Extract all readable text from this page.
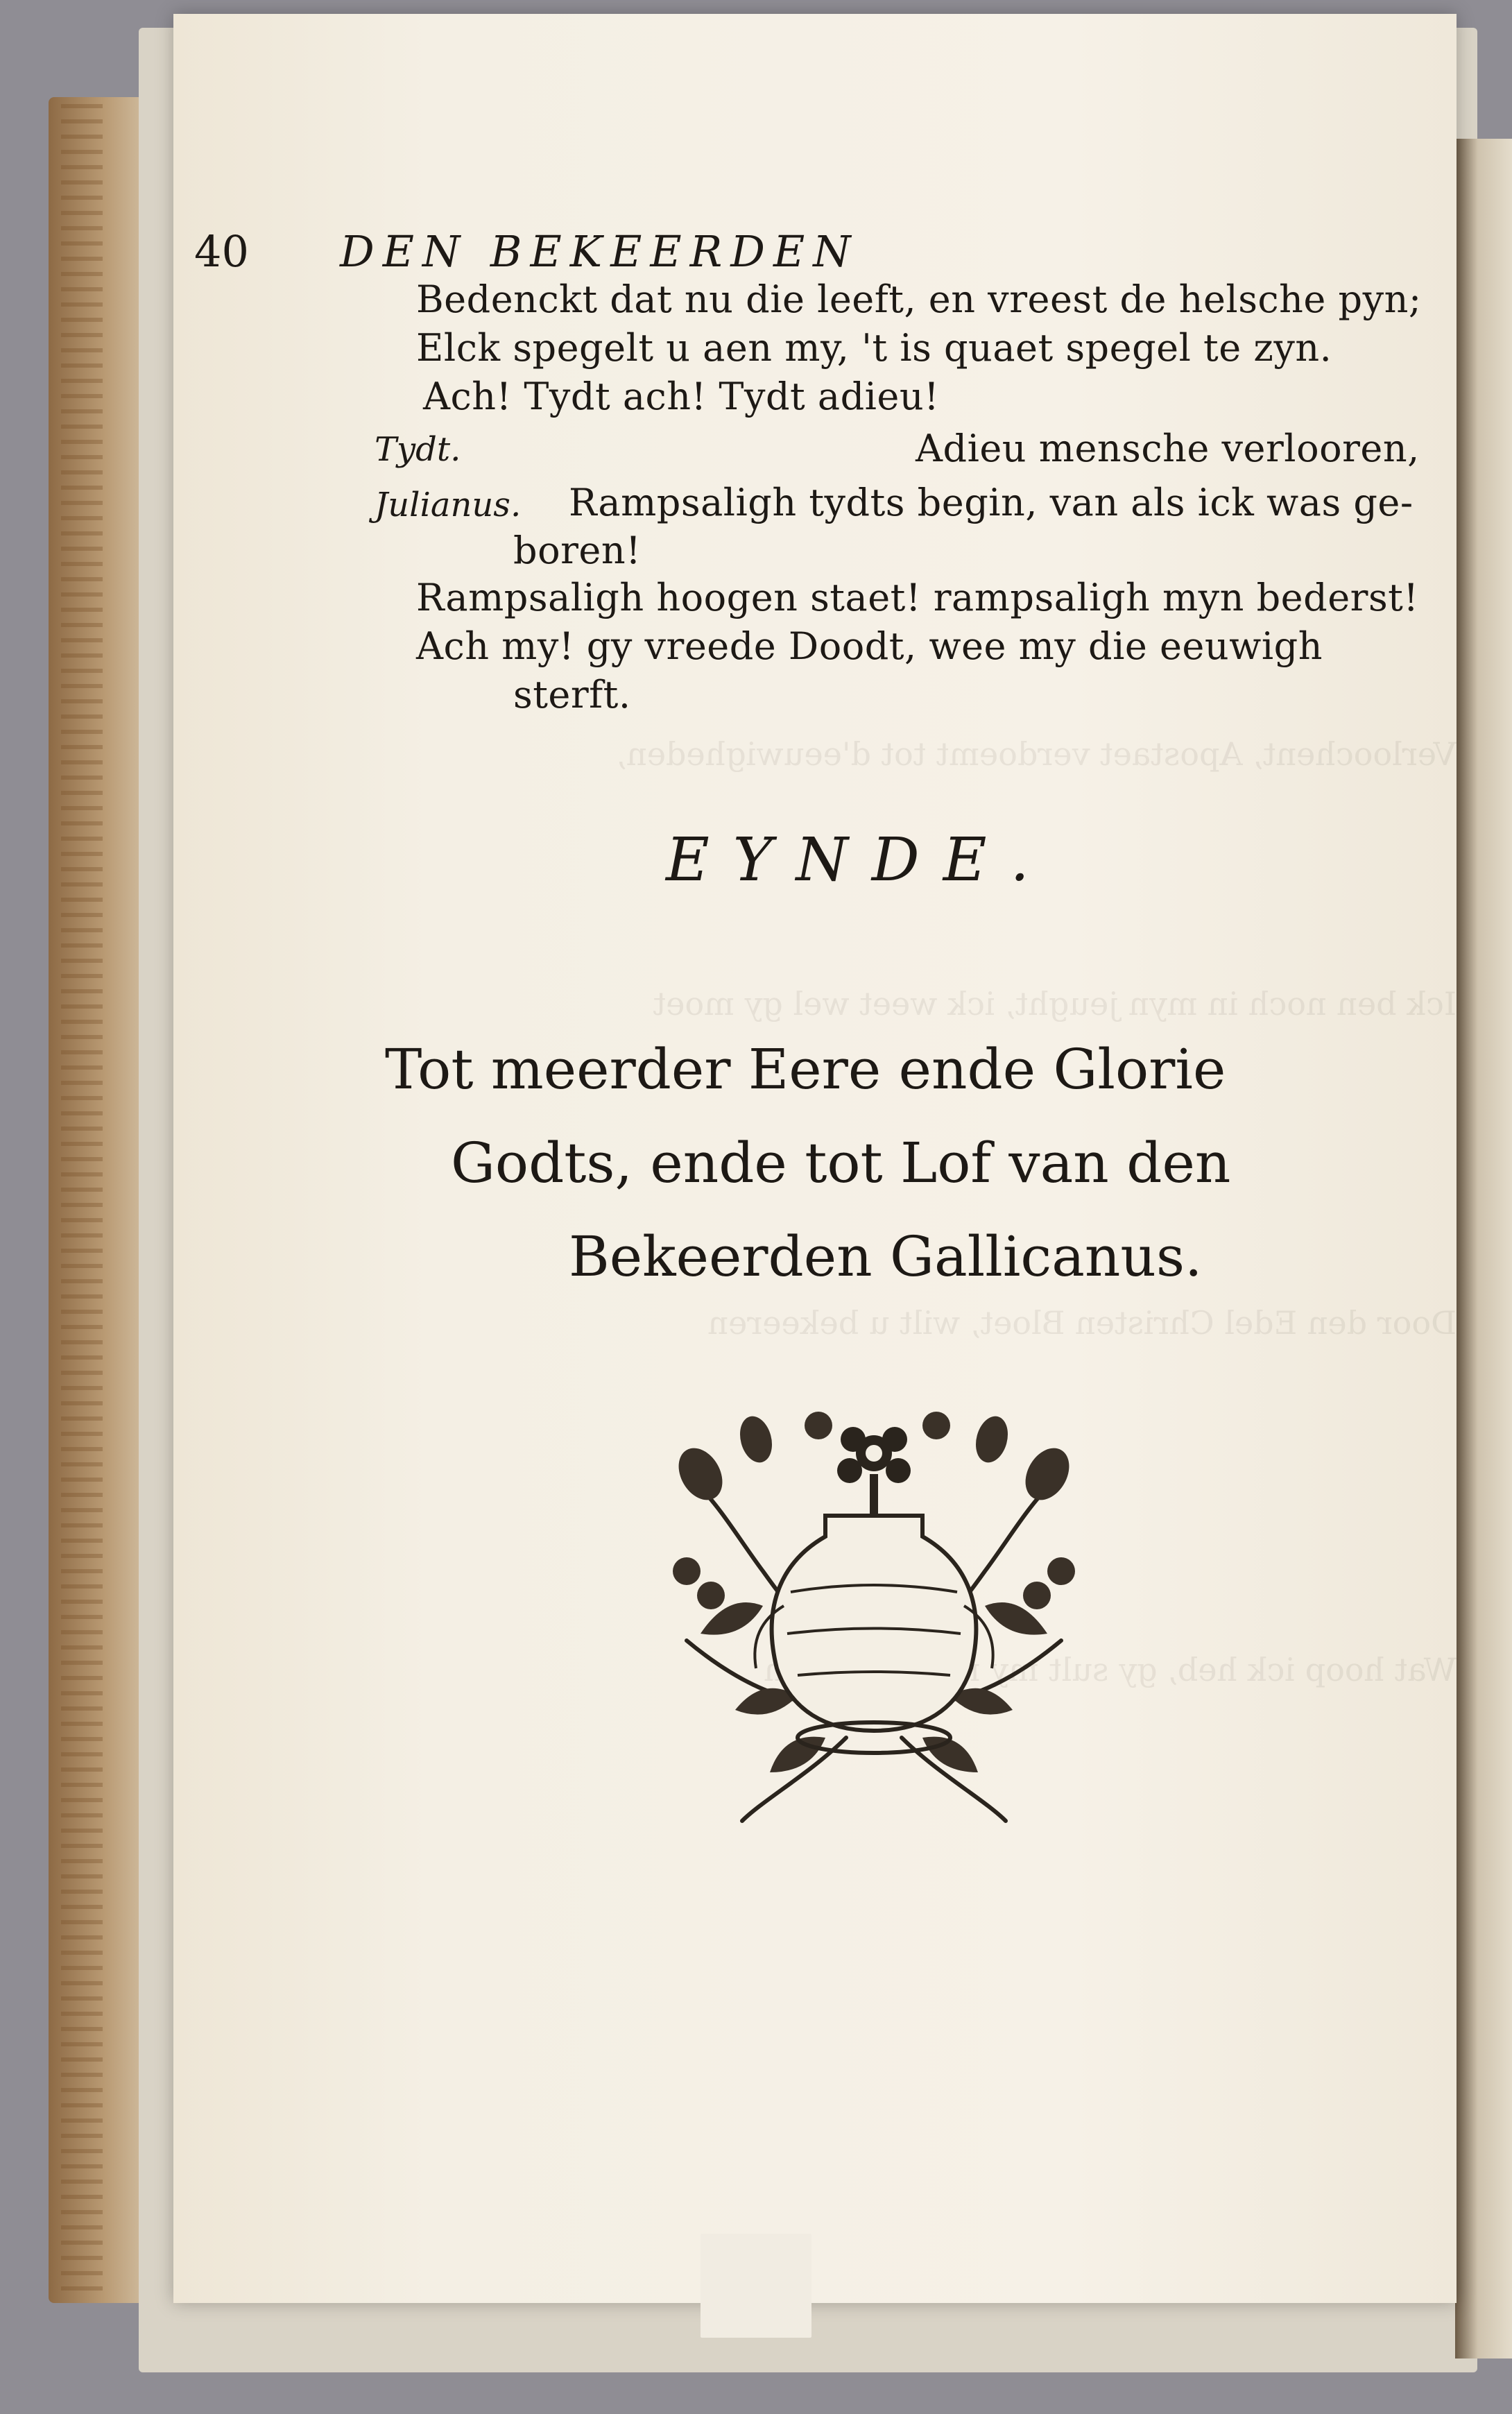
40 DEN BEKEERDEN
Bedenckt dat nu die leeft, en vreest de helsche pyn;
Elck spegelt u aen my, 't is quaet spegel te zyn.
Ach! Tydt ach! Tydt adieu!
Tydt.	Adieu mensche verlooren,
Julianus. Rampsaligh tydts begin, van als ick was ge-
boren!
Rampsaligh hoogen staet! rampsaligh myn bederst!
Ach my! gy vreede Doodt, wee my die eeuwigh
sterft.
EYNDE.
Tot meerder Eere ende Glorie
Godts, ende tot Lof van den
Bekeerden Gallicanus.
